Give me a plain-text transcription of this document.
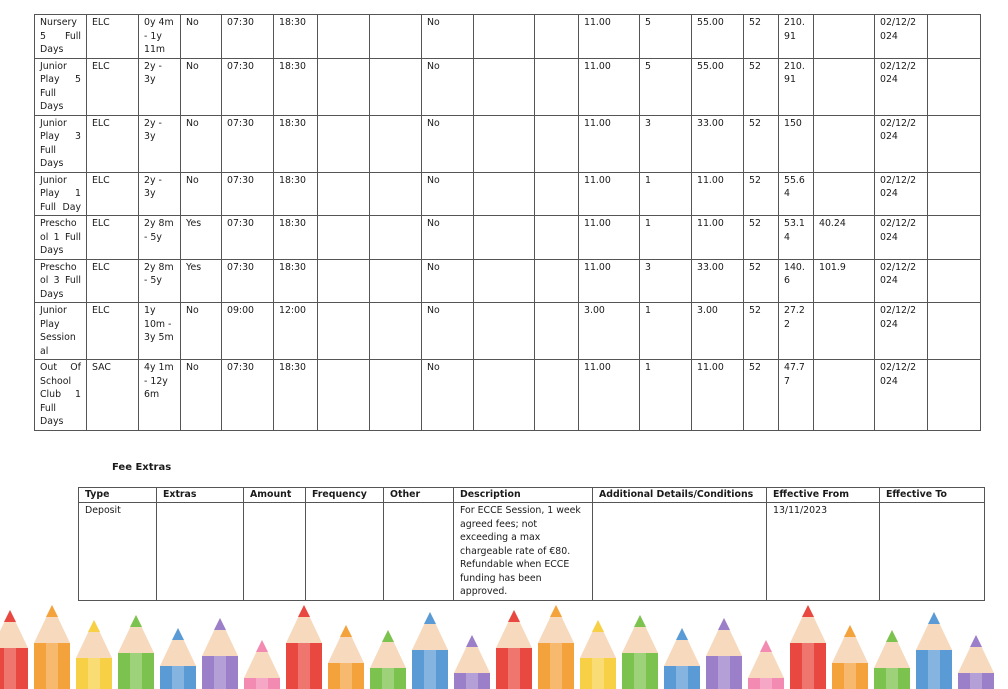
Nursery 5 Full Days	ELC	0y 4m - 1y 11m	No	07:30	18:30			No			11.00	5	55.00	52	210.91		02/12/2024	
Junior Play 5 Full Days	ELC	2y - 3y	No	07:30	18:30			No			11.00	5	55.00	52	210.91		02/12/2024	
Junior Play 3 Full Days	ELC	2y - 3y	No	07:30	18:30			No			11.00	3	33.00	52	150		02/12/2024	
Junior Play 1 Full Day	ELC	2y - 3y	No	07:30	18:30			No			11.00	1	11.00	52	55.64		02/12/2024	
Preschool 1 Full Days	ELC	2y 8m - 5y	Yes	07:30	18:30			No			11.00	1	11.00	52	53.14	40.24	02/12/2024	
Preschool 3 Full Days	ELC	2y 8m - 5y	Yes	07:30	18:30			No			11.00	3	33.00	52	140.6	101.9	02/12/2024	
Junior Play Sessional	ELC	1y 10m - 3y 5m	No	09:00	12:00			No			3.00	1	3.00	52	27.22		02/12/2024	
Out Of School Club 1 Full Days	SAC	4y 1m - 12y 6m	No	07:30	18:30			No			11.00	1	11.00	52	47.77		02/12/2024	
Fee Extras
Type	Extras	Amount	Frequency	Other	Description	Additional Details/Conditions	Effective From	Effective To
Deposit					For ECCE Session, 1 week agreed fees; not exceeding a max chargeable rate of €80. Refundable when ECCE funding has been approved.		13/11/2023	
